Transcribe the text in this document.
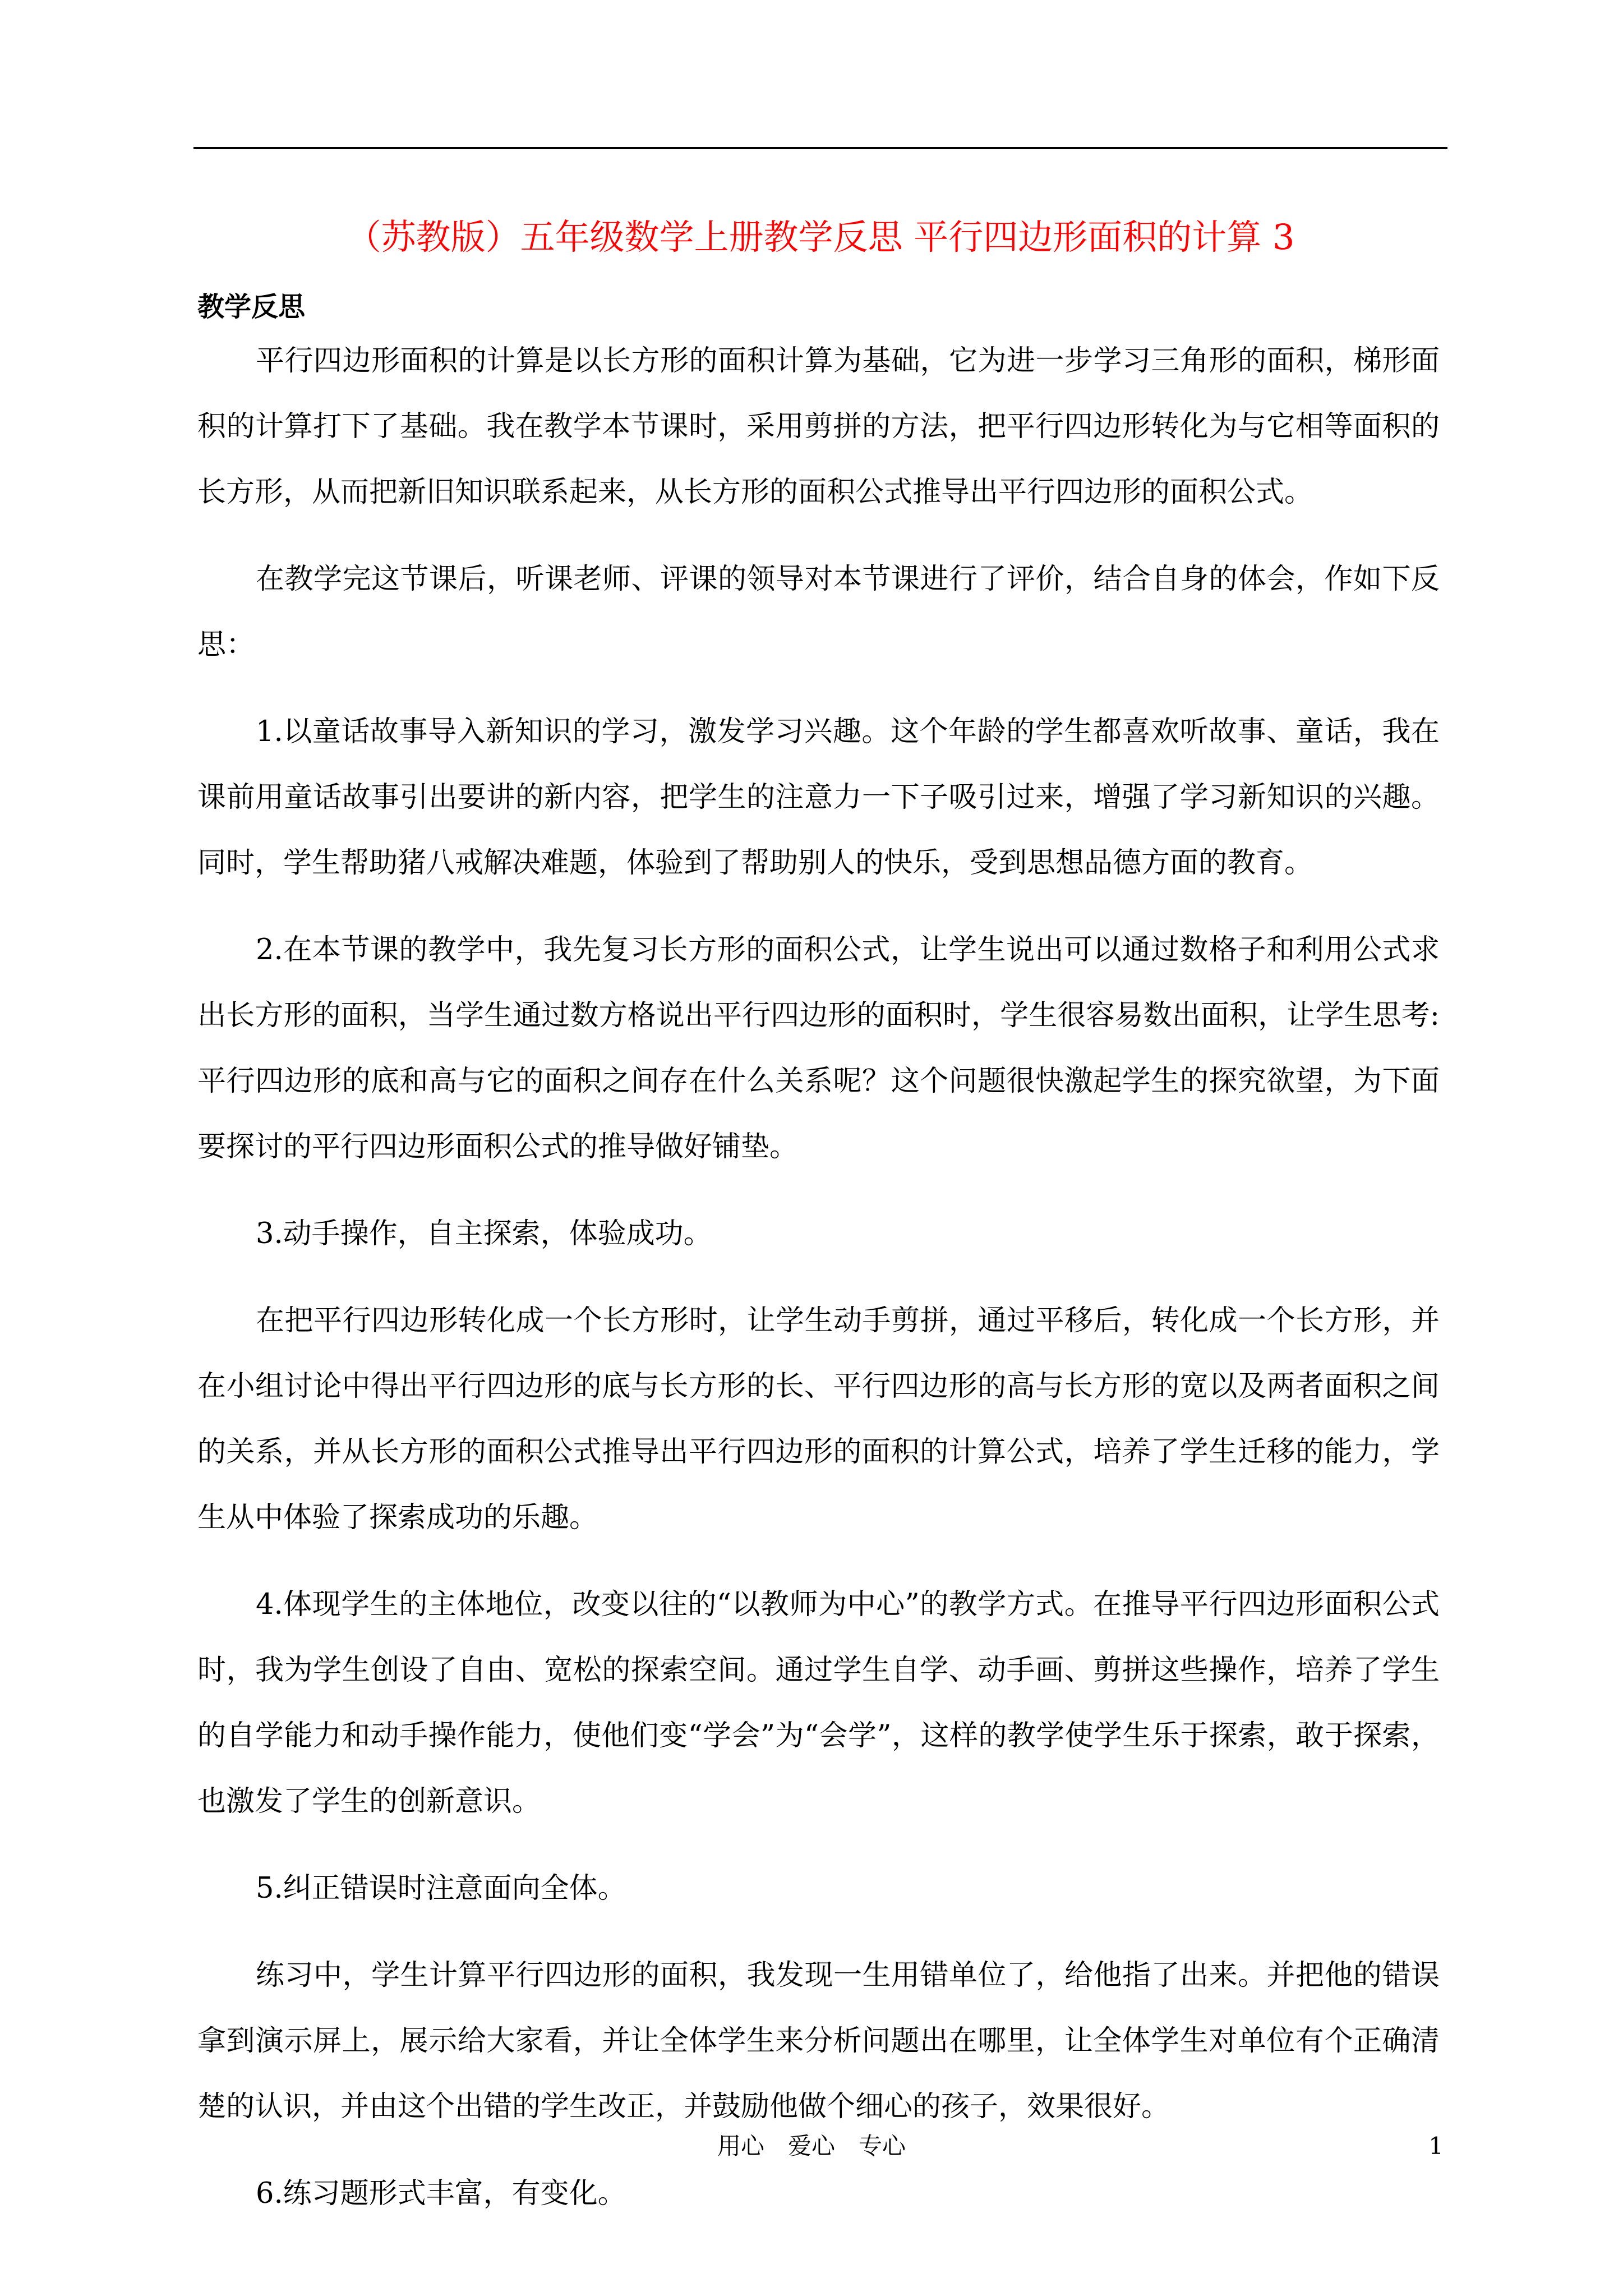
（苏教版）五年级数学上册教学反思 平行四边形面积的计算 3
教学反思

平行四边形面积的计算是以长方形的面积计算为基础，它为进一步学习三角形的面积，梯形面积的计算打下了基础。我在教学本节课时，采用剪拼的方法，把平行四边形转化为与它相等面积的长方形，从而把新旧知识联系起来，从长方形的面积公式推导出平行四边形的面积公式。

在教学完这节课后，听课老师、评课的领导对本节课进行了评价，结合自身的体会，作如下反思：

1.以童话故事导入新知识的学习，激发学习兴趣。这个年龄的学生都喜欢听故事、童话，我在课前用童话故事引出要讲的新内容，把学生的注意力一下子吸引过来，增强了学习新知识的兴趣。同时，学生帮助猪八戒解决难题，体验到了帮助别人的快乐，受到思想品德方面的教育。

2.在本节课的教学中，我先复习长方形的面积公式，让学生说出可以通过数格子和利用公式求出长方形的面积，当学生通过数方格说出平行四边形的面积时，学生很容易数出面积，让学生思考:平行四边形的底和高与它的面积之间存在什么关系呢？这个问题很快激起学生的探究欲望，为下面要探讨的平行四边形面积公式的推导做好铺垫。

3.动手操作，自主探索，体验成功。

在把平行四边形转化成一个长方形时，让学生动手剪拼，通过平移后，转化成一个长方形，并在小组讨论中得出平行四边形的底与长方形的长、平行四边形的高与长方形的宽以及两者面积之间的关系，并从长方形的面积公式推导出平行四边形的面积的计算公式，培养了学生迁移的能力，学生从中体验了探索成功的乐趣。

4.体现学生的主体地位，改变以往的“以教师为中心”的教学方式。在推导平行四边形面积公式时，我为学生创设了自由、宽松的探索空间。通过学生自学、动手画、剪拼这些操作，培养了学生的自学能力和动手操作能力，使他们变“学会”为“会学”，这样的教学使学生乐于探索，敢于探索，也激发了学生的创新意识。

5.纠正错误时注意面向全体。

练习中，学生计算平行四边形的面积，我发现一生用错单位了，给他指了出来。并把他的错误拿到演示屏上，展示给大家看，并让全体学生来分析问题出在哪里，让全体学生对单位有个正确清楚的认识，并由这个出错的学生改正，并鼓励他做个细心的孩子，效果很好。

6.练习题形式丰富，有变化。

用心　爱心　专心	1
